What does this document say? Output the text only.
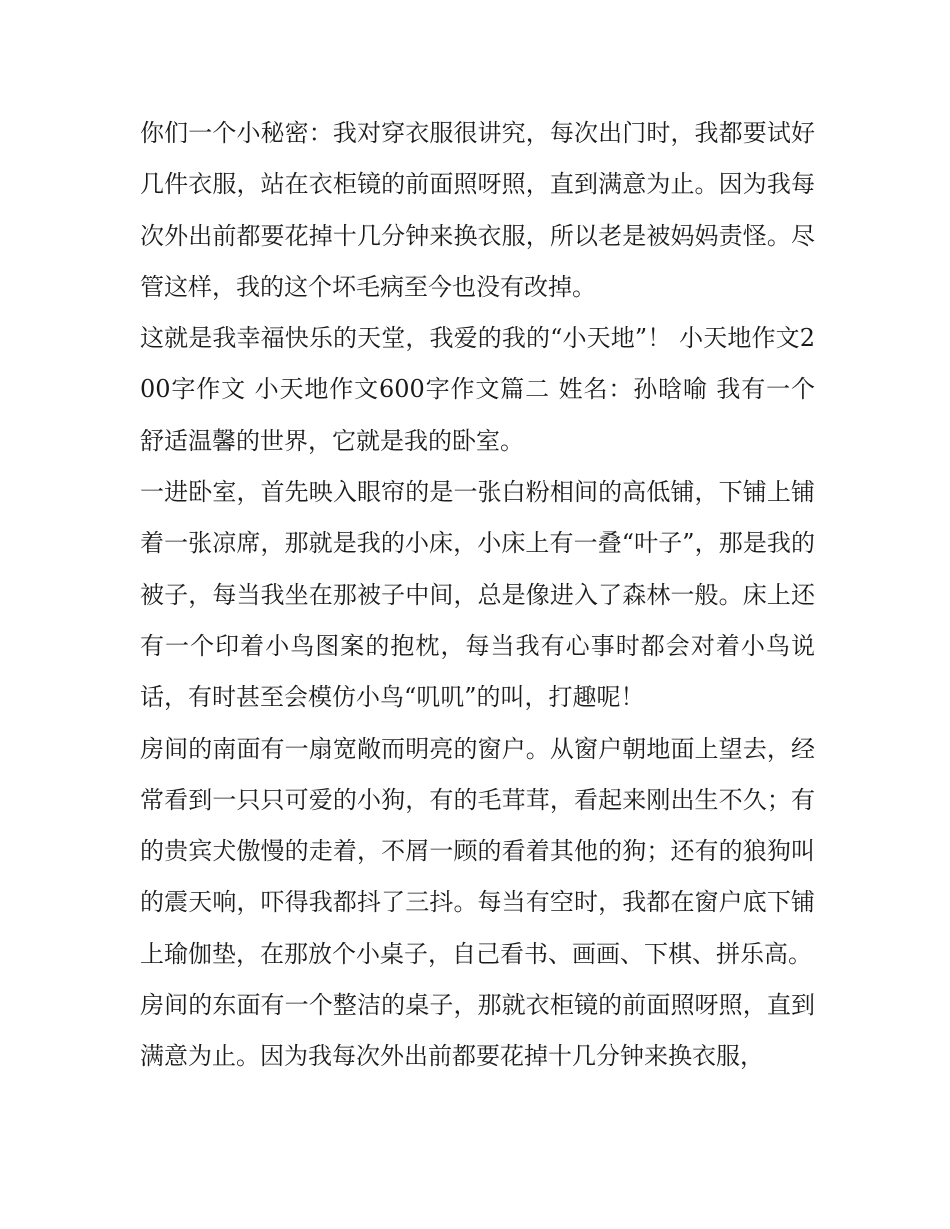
你们一个小秘密：我对穿衣服很讲究，每次出门时，我都要试好几件衣服，站在衣柜镜的前面照呀照，直到满意为止。因为我每次外出前都要花掉十几分钟来换衣服，所以老是被妈妈责怪。尽管这样，我的这个坏毛病至今也没有改掉。

这就是我幸福快乐的天堂，我爱的我的“小天地”！ 小天地作文200字作文 小天地作文600字作文篇二 姓名：孙晗喻 我有一个舒适温馨的世界，它就是我的卧室。

一进卧室，首先映入眼帘的是一张白粉相间的高低铺，下铺上铺着一张凉席，那就是我的小床，小床上有一叠“叶子”，那是我的被子，每当我坐在那被子中间，总是像进入了森林一般。床上还有一个印着小鸟图案的抱枕，每当我有心事时都会对着小鸟说话，有时甚至会模仿小鸟“叽叽”的叫，打趣呢！

房间的南面有一扇宽敞而明亮的窗户。从窗户朝地面上望去，经常看到一只只可爱的小狗，有的毛茸茸，看起来刚出生不久；有的贵宾犬傲慢的走着，不屑一顾的看着其他的狗；还有的狼狗叫的震天响，吓得我都抖了三抖。每当有空时，我都在窗户底下铺上瑜伽垫，在那放个小桌子，自己看书、画画、下棋、拼乐高。

房间的东面有一个整洁的桌子，那就衣柜镜的前面照呀照，直到满意为止。因为我每次外出前都要花掉十几分钟来换衣服，
